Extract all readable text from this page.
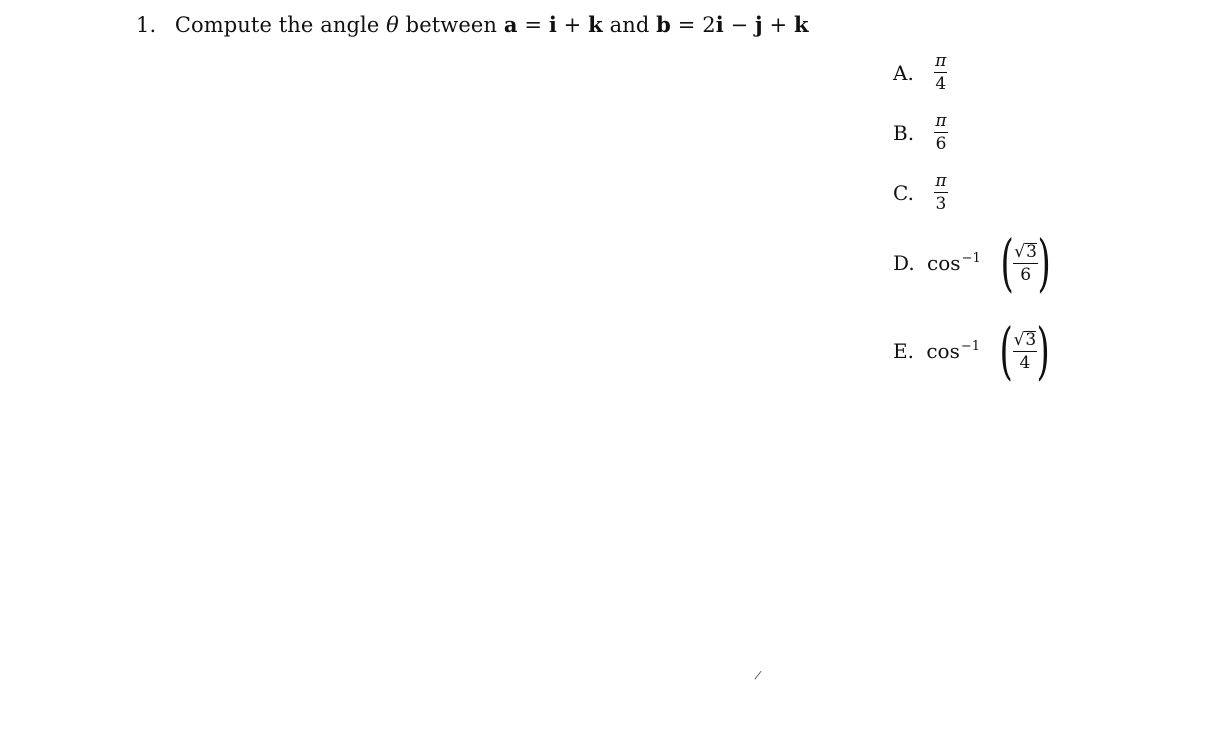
1. Compute the angle θ between a = i + k and b = 2i − j + k
A. $\frac{\pi}{4}$
B. $\frac{\pi}{6}$
C. $\frac{\pi}{3}$
D. $\cos^{-1}$ ( $\frac{√3}{6}$ )
E. $\cos^{-1}$ ( $\frac{√3}{4}$ )
/
